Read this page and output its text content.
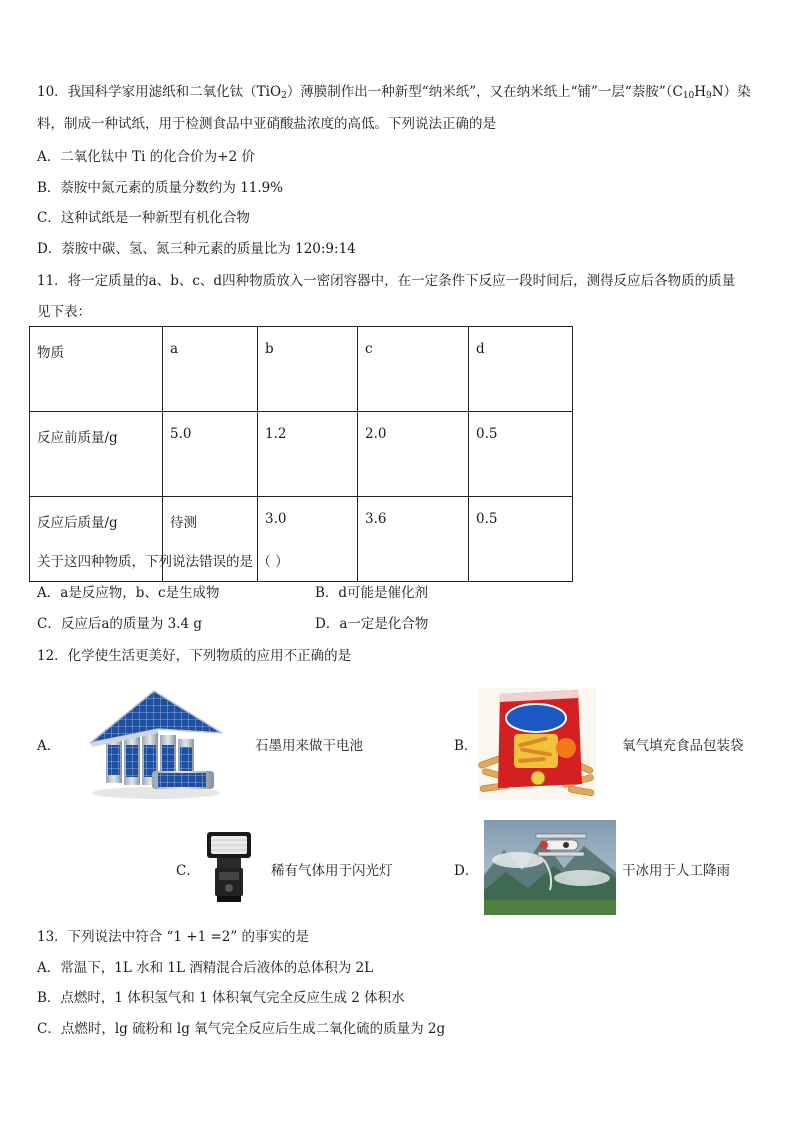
10．我国科学家用滤纸和二氧化钛（TiO$_2$）薄膜制作出一种新型“纳米纸”，又在纳米纸上“铺”一层“萘胺$”(C_{10}H_9N)$染
料，制成一种试纸，用于检测食品中亚硝酸盐浓度的高低。下列说法正确的是
A．二氧化钛中 Ti 的化合价为+2 价
B．萘胺中氮元素的质量分数约为 11.9%
C．这种试纸是一种新型有机化合物
D．萘胺中碳、氢、氮三种元素的质量比为 120:9:14
11．将一定质量的a、b、c、d四种物质放入一密闭容器中，在一定条件下反应一段时间后，测得反应后各物质的质量
见下表：
物质	a	b	c	d
反应前质量/g	5.0	1.2	2.0	0.5
反应后质量/g	待测	3.0	3.6	0.5
关于这四种物质，下列说法错误的是 （ ）
A．a是反应物，b、c是生成物	B．d可能是催化剂
C．反应后a的质量为 3.4 g	D．a一定是化合物
12．化学使生活更美好，下列物质的应用不正确的是
A．	石墨用来做干电池	B．	氧气填充食品包装袋
C．	稀有气体用于闪光灯	D．	干冰用于人工降雨
13．下列说法中符合 “1 +1 =2” 的事实的是
A．常温下，1L 水和 1L 酒精混合后液体的总体积为 2L
B．点燃时，1 体积氢气和 1 体积氧气完全反应生成 2 体积水
C．点燃时，lg 硫粉和 lg 氧气完全反应后生成二氧化硫的质量为 2g
